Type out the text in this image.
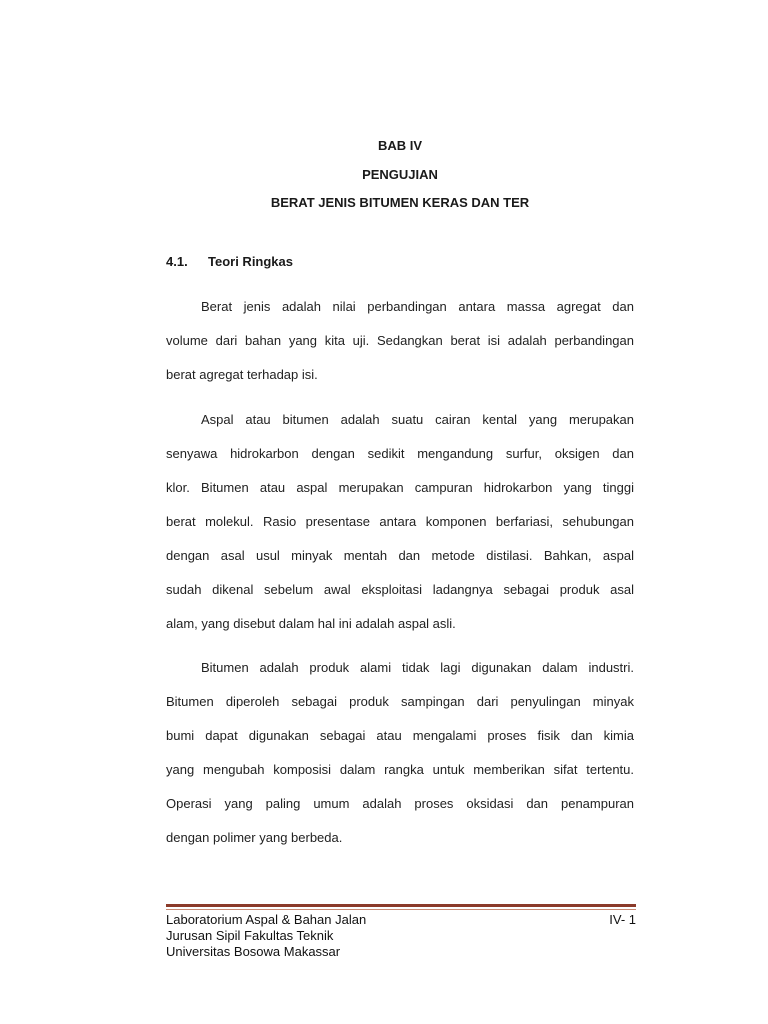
BAB IV
PENGUJIAN
BERAT JENIS BITUMEN KERAS DAN TER
4.1. Teori Ringkas
Berat jenis adalah nilai perbandingan antara massa agregat dan
volume dari bahan yang kita uji. Sedangkan berat isi adalah perbandingan
berat agregat terhadap isi.
Aspal atau bitumen adalah suatu cairan kental yang merupakan
senyawa hidrokarbon dengan sedikit mengandung surfur, oksigen dan
klor. Bitumen atau aspal merupakan campuran hidrokarbon yang tinggi
berat molekul. Rasio presentase antara komponen berfariasi, sehubungan
dengan asal usul minyak mentah dan metode distilasi. Bahkan, aspal
sudah dikenal sebelum awal eksploitasi ladangnya sebagai produk asal
alam, yang disebut dalam hal ini adalah aspal asli.
Bitumen adalah produk alami tidak lagi digunakan dalam industri.
Bitumen diperoleh sebagai produk sampingan dari penyulingan minyak
bumi dapat digunakan sebagai atau mengalami proses fisik dan kimia
yang mengubah komposisi dalam rangka untuk memberikan sifat tertentu.
Operasi yang paling umum adalah proses oksidasi dan penampuran
dengan polimer yang berbeda.
Laboratorium Aspal & Bahan Jalan
Jurusan Sipil Fakultas Teknik
Universitas Bosowa Makassar
IV- 1
